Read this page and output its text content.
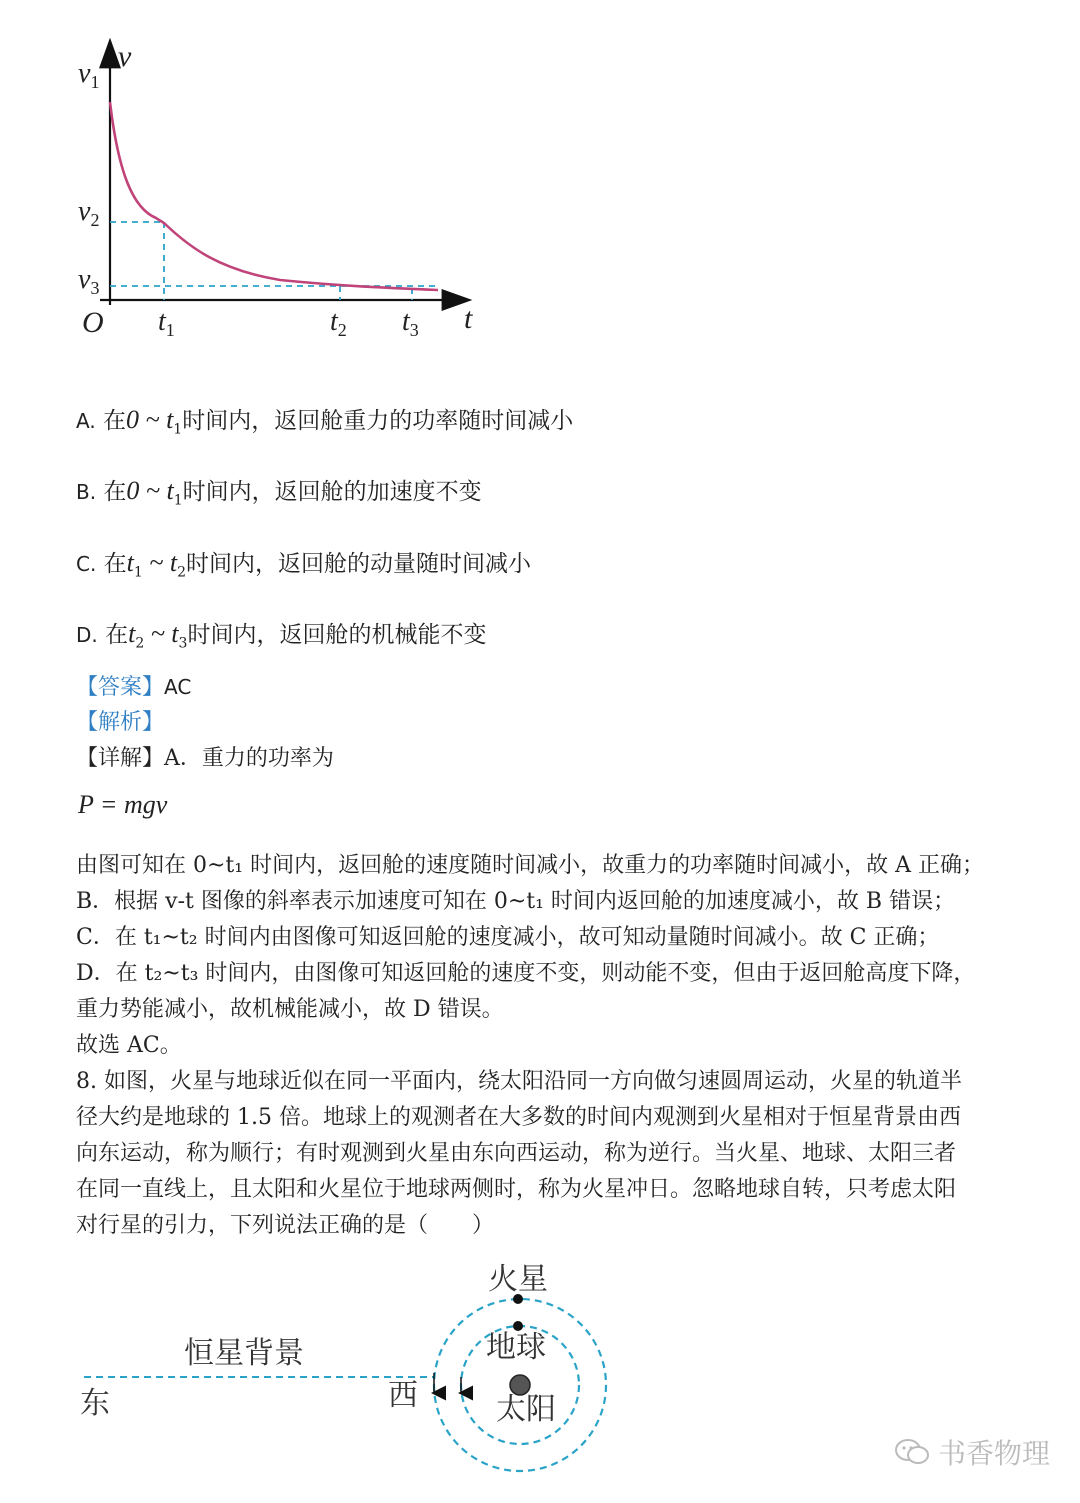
v
$v_1$
$v_2$
$v_3$
O $t_1$	$t_2$ $t_3$ t
A. 在0 ~ $t_1$时间内，返回舱重力的功率随时间减小
B. 在0 ~ $t_1$时间内，返回舱的加速度不变
C. 在$t_1$ ~ $t_2$时间内，返回舱的动量随时间减小
D. 在$t_2$ ~ $t_3$时间内，返回舱的机械能不变
【答案】AC
【解析】
【详解】A．重力的功率为
P = mgv
由图可知在 0~t₁ 时间内，返回舱的速度随时间减小，故重力的功率随时间减小，故 A 正确；
B．根据 v-t 图像的斜率表示加速度可知在 0~t₁ 时间内返回舱的加速度减小，故 B 错误；
C．在 t₁~t₂ 时间内由图像可知返回舱的速度减小，故可知动量随时间减小。故 C 正确；
D．在 t₂~t₃ 时间内，由图像可知返回舱的速度不变，则动能不变，但由于返回舱高度下降，
重力势能减小，故机械能减小，故 D 错误。
故选 AC。
8. 如图，火星与地球近似在同一平面内，绕太阳沿同一方向做匀速圆周运动，火星的轨道半
径大约是地球的 1.5 倍。地球上的观测者在大多数的时间内观测到火星相对于恒星背景由西
向东运动，称为顺行；有时观测到火星由东向西运动，称为逆行。当火星、地球、太阳三者
在同一直线上，且太阳和火星位于地球两侧时，称为火星冲日。忽略地球自转，只考虑太阳
对行星的引力，下列说法正确的是（　　）
火星
地球
太阳
恒星背景
东	西
书香物理
